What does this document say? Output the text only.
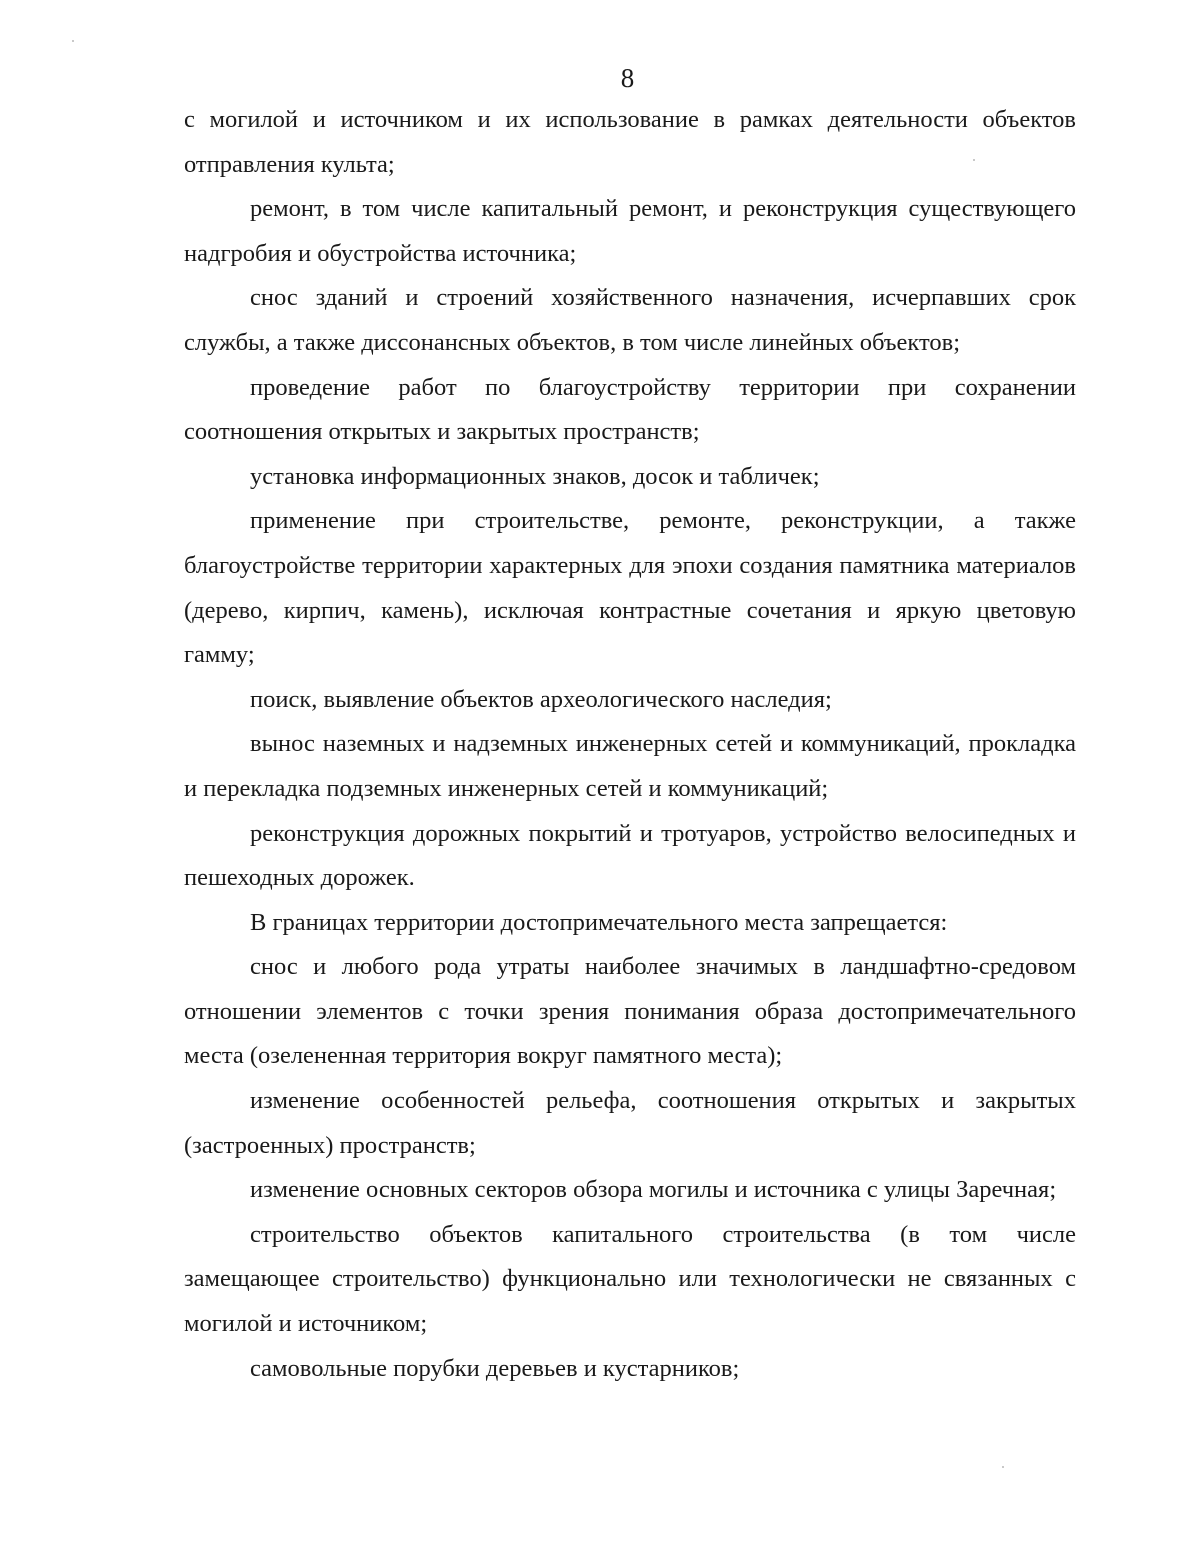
8

с могилой и источником и их использование в рамках деятельности объектов отправления культа;

ремонт, в том числе капитальный ремонт, и реконструкция существующего надгробия и обустройства источника;

снос зданий и строений хозяйственного назначения, исчерпавших срок службы, а также диссонансных объектов, в том числе линейных объектов;

проведение работ по благоустройству территории при сохранении соотношения открытых и закрытых пространств;

установка информационных знаков, досок и табличек;

применение при строительстве, ремонте, реконструкции, а также благоустройстве территории характерных для эпохи создания памятника материалов (дерево, кирпич, камень), исключая контрастные сочетания и яркую цветовую гамму;

поиск, выявление объектов археологического наследия;

вынос наземных и надземных инженерных сетей и коммуникаций, прокладка и перекладка подземных инженерных сетей и коммуникаций;

реконструкция дорожных покрытий и тротуаров, устройство велосипедных и пешеходных дорожек.

В границах территории достопримечательного места запрещается:

снос и любого рода утраты наиболее значимых в ландшафтно-средовом отношении элементов с точки зрения понимания образа достопримечательного места (озелененная территория вокруг памятного места);

изменение особенностей рельефа, соотношения открытых и закрытых (застроенных) пространств;

изменение основных секторов обзора могилы и источника с улицы Заречная;

строительство объектов капитального строительства (в том числе замещающее строительство) функционально или технологически не связанных с могилой и источником;

самовольные порубки деревьев и кустарников;
